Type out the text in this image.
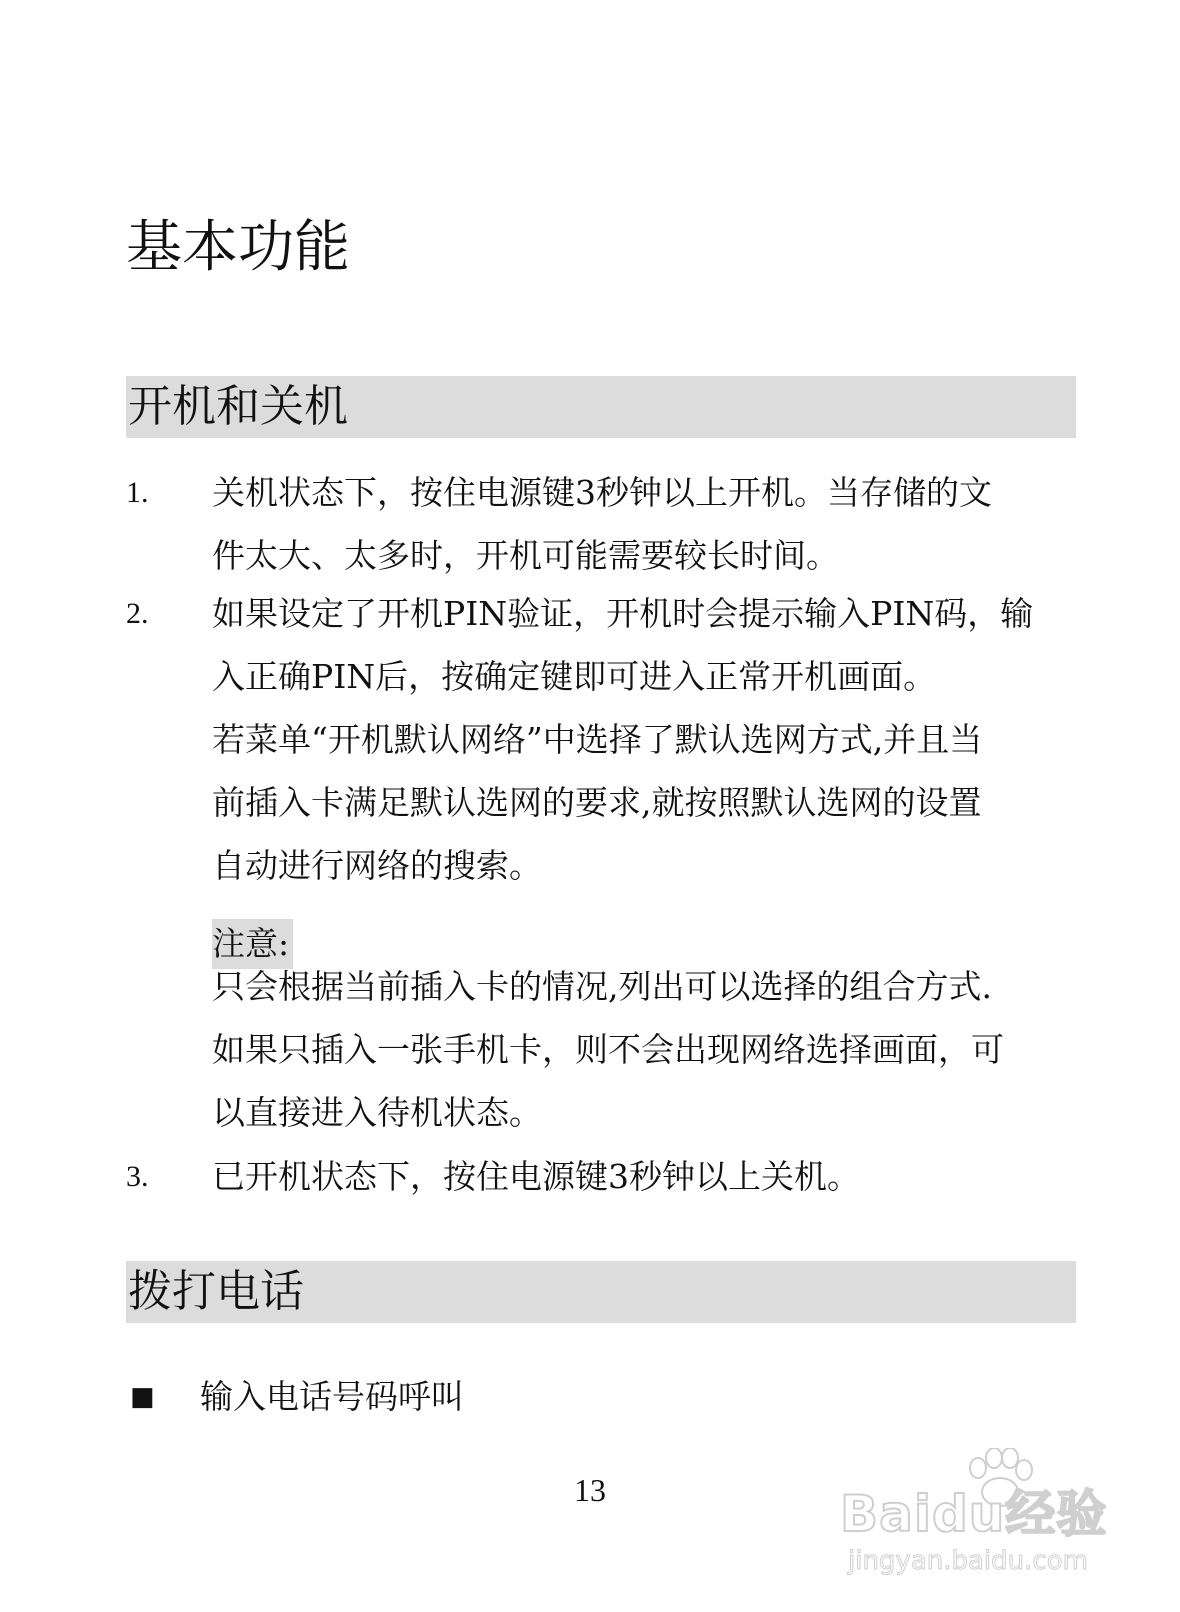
基本功能
开机和关机
1. 关机状态下，按住电源键3秒钟以上开机。当存储的文
件太大、太多时，开机可能需要较长时间。

2. 如果设定了开机PIN验证，开机时会提示输入PIN码，输
入正确PIN后，按确定键即可进入正常开机画面。
若菜单“开机默认网络”中选择了默认选网方式,并且当
前插入卡满足默认选网的要求,就按照默认选网的设置
自动进行网络的搜索。

注意:

只会根据当前插入卡的情况,列出可以选择的组合方式.
如果只插入一张手机卡，则不会出现网络选择画面，可
以直接进入待机状态。

3. 已开机状态下，按住电源键3秒钟以上关机。

拨打电话
■ 输入电话号码呼叫
13	Baidu经验
jingyan.baidu.com
